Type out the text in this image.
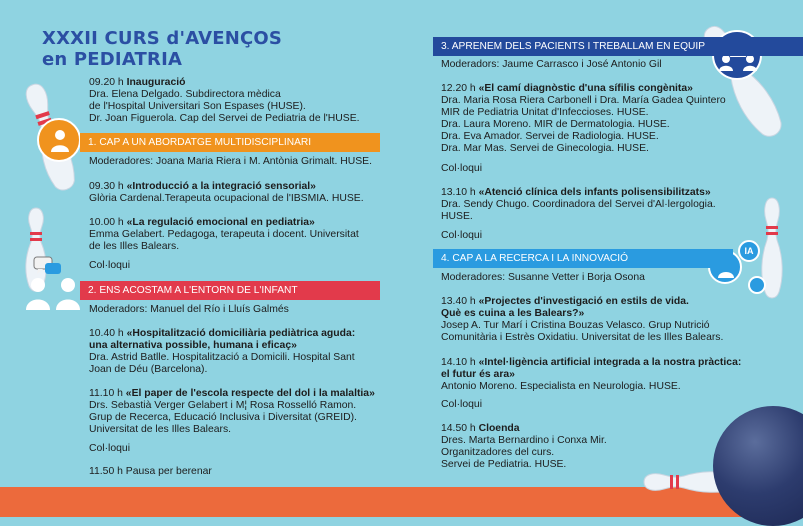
IA
XXXII CURS d'AVENÇOS
en PEDIATRIA
09.20 h Inauguració
Dra. Elena Delgado. Subdirectora mèdica
de l'Hospital Universitari Son Espases (HUSE).
Dr. Joan Figuerola. Cap del Servei de Pediatria de l'HUSE.
1. CAP A UN ABORDATGE MULTIDISCIPLINARI
Moderadores: Joana Maria Riera i M. Antònia Grimalt. HUSE.
09.30 h «Introducció a la integració sensorial»
Glòria Cardenal.Terapeuta ocupacional de l'IBSMIA. HUSE.
10.00 h «La regulació emocional en pediatria»
Emma Gelabert. Pedagoga, terapeuta i docent. Universitat
de les Illes Balears.
Col·loqui
2. ENS ACOSTAM A L'ENTORN DE L'INFANT
Moderadors: Manuel del Río i Lluís Galmés
10.40 h «Hospitalització domiciliària pediàtrica aguda:
una alternativa possible, humana i eficaç»
Dra. Astrid Batlle. Hospitalització a Domicili. Hospital Sant
Joan de Déu (Barcelona).
11.10 h «El paper de l'escola respecte del dol i la malaltia»
Drs. Sebastià Verger Gelabert i M¦ Rosa Rosselló Ramon.
Grup de Recerca, Educació Inclusiva i Diversitat (GREID).
Universitat de les Illes Balears.
Col·loqui
11.50 h Pausa per berenar
3. APRENEM DELS PACIENTS I TREBALLAM EN EQUIP
Moderadors: Jaume Carrasco i José Antonio Gil
12.20 h «El camí diagnòstic d'una sífilis congènita»
Dra. Maria Rosa Riera Carbonell i Dra. María Gadea Quintero
MIR de Pediatria Unitat d'Infeccioses. HUSE.
Dra. Laura Moreno. MIR de Dermatologia. HUSE.
Dra. Eva Amador. Servei de Radiologia. HUSE.
Dra. Mar Mas. Servei de Ginecologia. HUSE.
Col·loqui
13.10 h «Atenció clínica dels infants polisensibilitzats»
Dra. Sendy Chugo. Coordinadora del Servei d'Al·lergologia.
HUSE.
Col·loqui
4. CAP A LA RECERCA I LA INNOVACIÓ
Moderadores: Susanne Vetter i Borja Osona
13.40 h «Projectes d'investigació en estils de vida.
Què es cuina a les Balears?»
Josep A. Tur Marí i Cristina Bouzas Velasco. Grup Nutrició
Comunitària i Estrès Oxidatiu. Universitat de les Illes Balears.
14.10 h «Intel·ligència artificial integrada a la nostra pràctica:
el futur és ara»
Antonio Moreno. Especialista en Neurologia. HUSE.
Col·loqui
14.50 h Cloenda
Dres. Marta Bernardino i Conxa Mir.
Organitzadores del curs.
Servei de Pediatria. HUSE.
